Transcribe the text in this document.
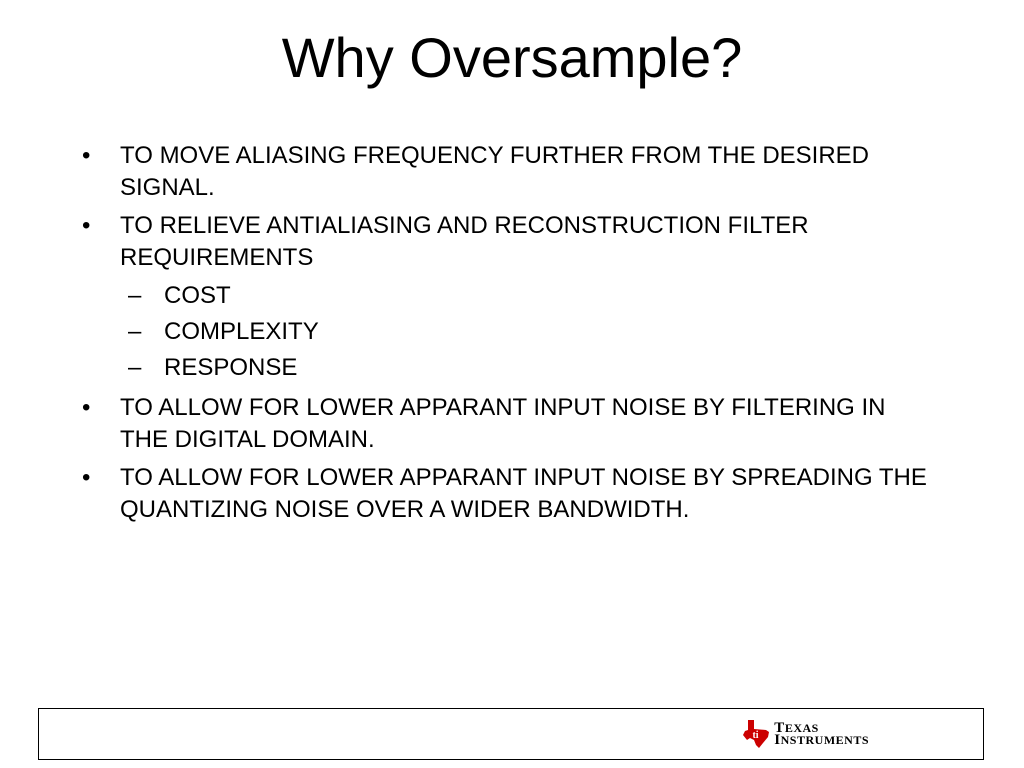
Why Oversample?
• TO MOVE ALIASING FREQUENCY FURTHER FROM THE DESIRED SIGNAL.
• TO RELIEVE ANTIALIASING AND RECONSTRUCTION FILTER REQUIREMENTS
– COST
– COMPLEXITY
– RESPONSE
• TO ALLOW FOR LOWER APPARANT INPUT NOISE BY FILTERING IN THE DIGITAL DOMAIN.
• TO ALLOW FOR LOWER APPARANT INPUT NOISE BY SPREADING THE QUANTIZING NOISE OVER A WIDER BANDWIDTH.
ti TEXAS
INSTRUMENTS
